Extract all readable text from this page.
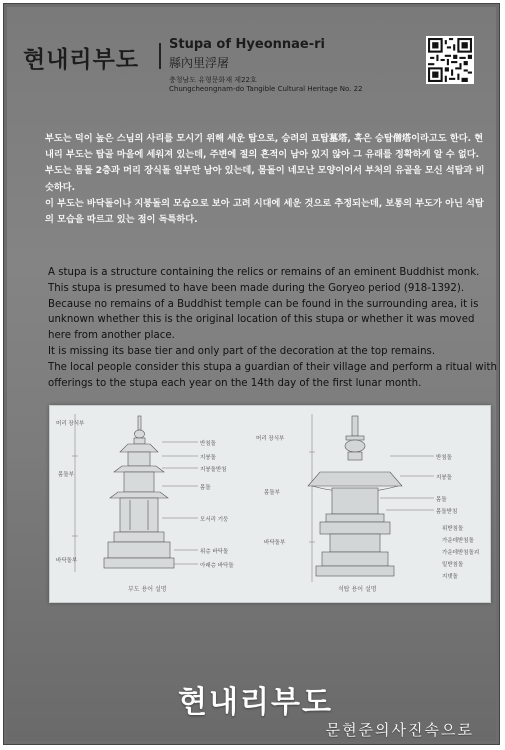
현내리부도
Stupa of Hyeonnae-ri
縣內里浮屠
충청남도 유형문화재 제22호
Chungcheongnam-do Tangible Cultural Heritage No. 22

부도는 덕이 높은 스님의 사리를 모시기 위해 세운 탑으로, 승려의 묘탑墓塔, 혹은 승탑僧塔이라고도 한다. 현내리 부도는 탑골 마을에 세워져 있는데, 주변에 절의 흔적이 남아 있지 않아 그 유래를 정확하게 알 수 없다.

부도는 몸돌 2층과 머리 장식돌 일부만 남아 있는데, 몸돌이 네모난 모양이어서 부처의 유골을 모신 석탑과 비슷하다.

이 부도는 바닥돌이나 지붕돌의 모습으로 보아 고려 시대에 세운 것으로 추정되는데, 보통의 부도가 아닌 석탑의 모습을 따르고 있는 점이 독특하다.

A stupa is a structure containing the relics or remains of an eminent Buddhist monk. This stupa is presumed to have been made during the Goryeo period (918-1392). Because no remains of a Buddhist temple can be found in the surrounding area, it is unknown whether this is the original location of this stupa or whether it was moved here from another place.

It is missing its base tier and only part of the decoration at the top remains.

The local people consider this stupa a guardian of their village and perform a ritual with offerings to the stupa each year on the 14th day of the first lunar month.

머리 장식부
몸돌부
바닥돌부
반침돌
지붕돌
지붕돌받침
몸돌
모서리 기둥
위층 바닥돌
아래층 바닥돌
부도 용어 설명
머리 장식부
몸돌부
바닥돌부
받침돌
지붕돌
몸돌
몸돌받침
위받침돌
가운데받침돌
가운데받침돌괴
밑받침돌
지댓돌
석탑 용어 설명
현내리부도
문현준의사진속으로
